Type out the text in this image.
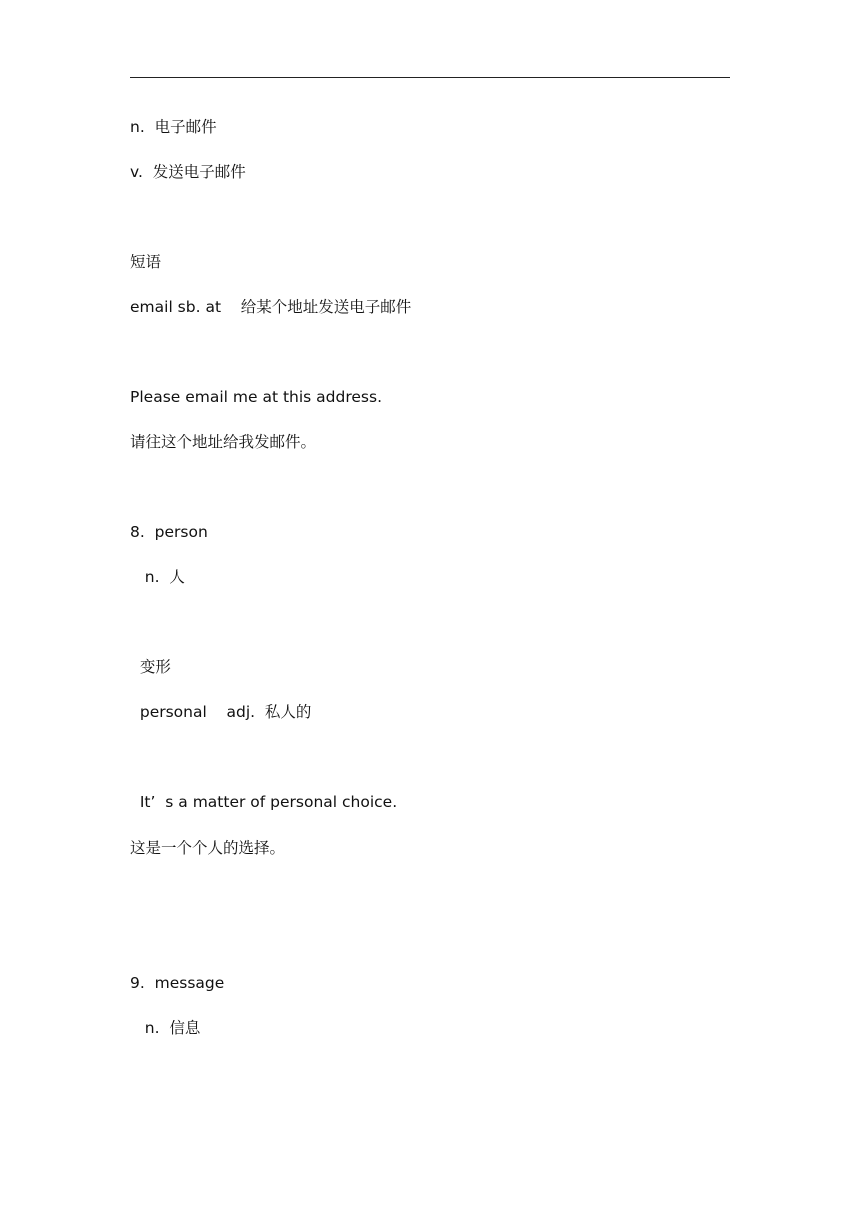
n.  电子邮件
v.  发送电子邮件
短语
email sb. at    给某个地址发送电子邮件
Please email me at this address.
请往这个地址给我发邮件。
8.  person
n.  人
变形
personal    adj.  私人的
It’  s a matter of personal choice.
这是一个个人的选择。
9.  message
n.  信息
